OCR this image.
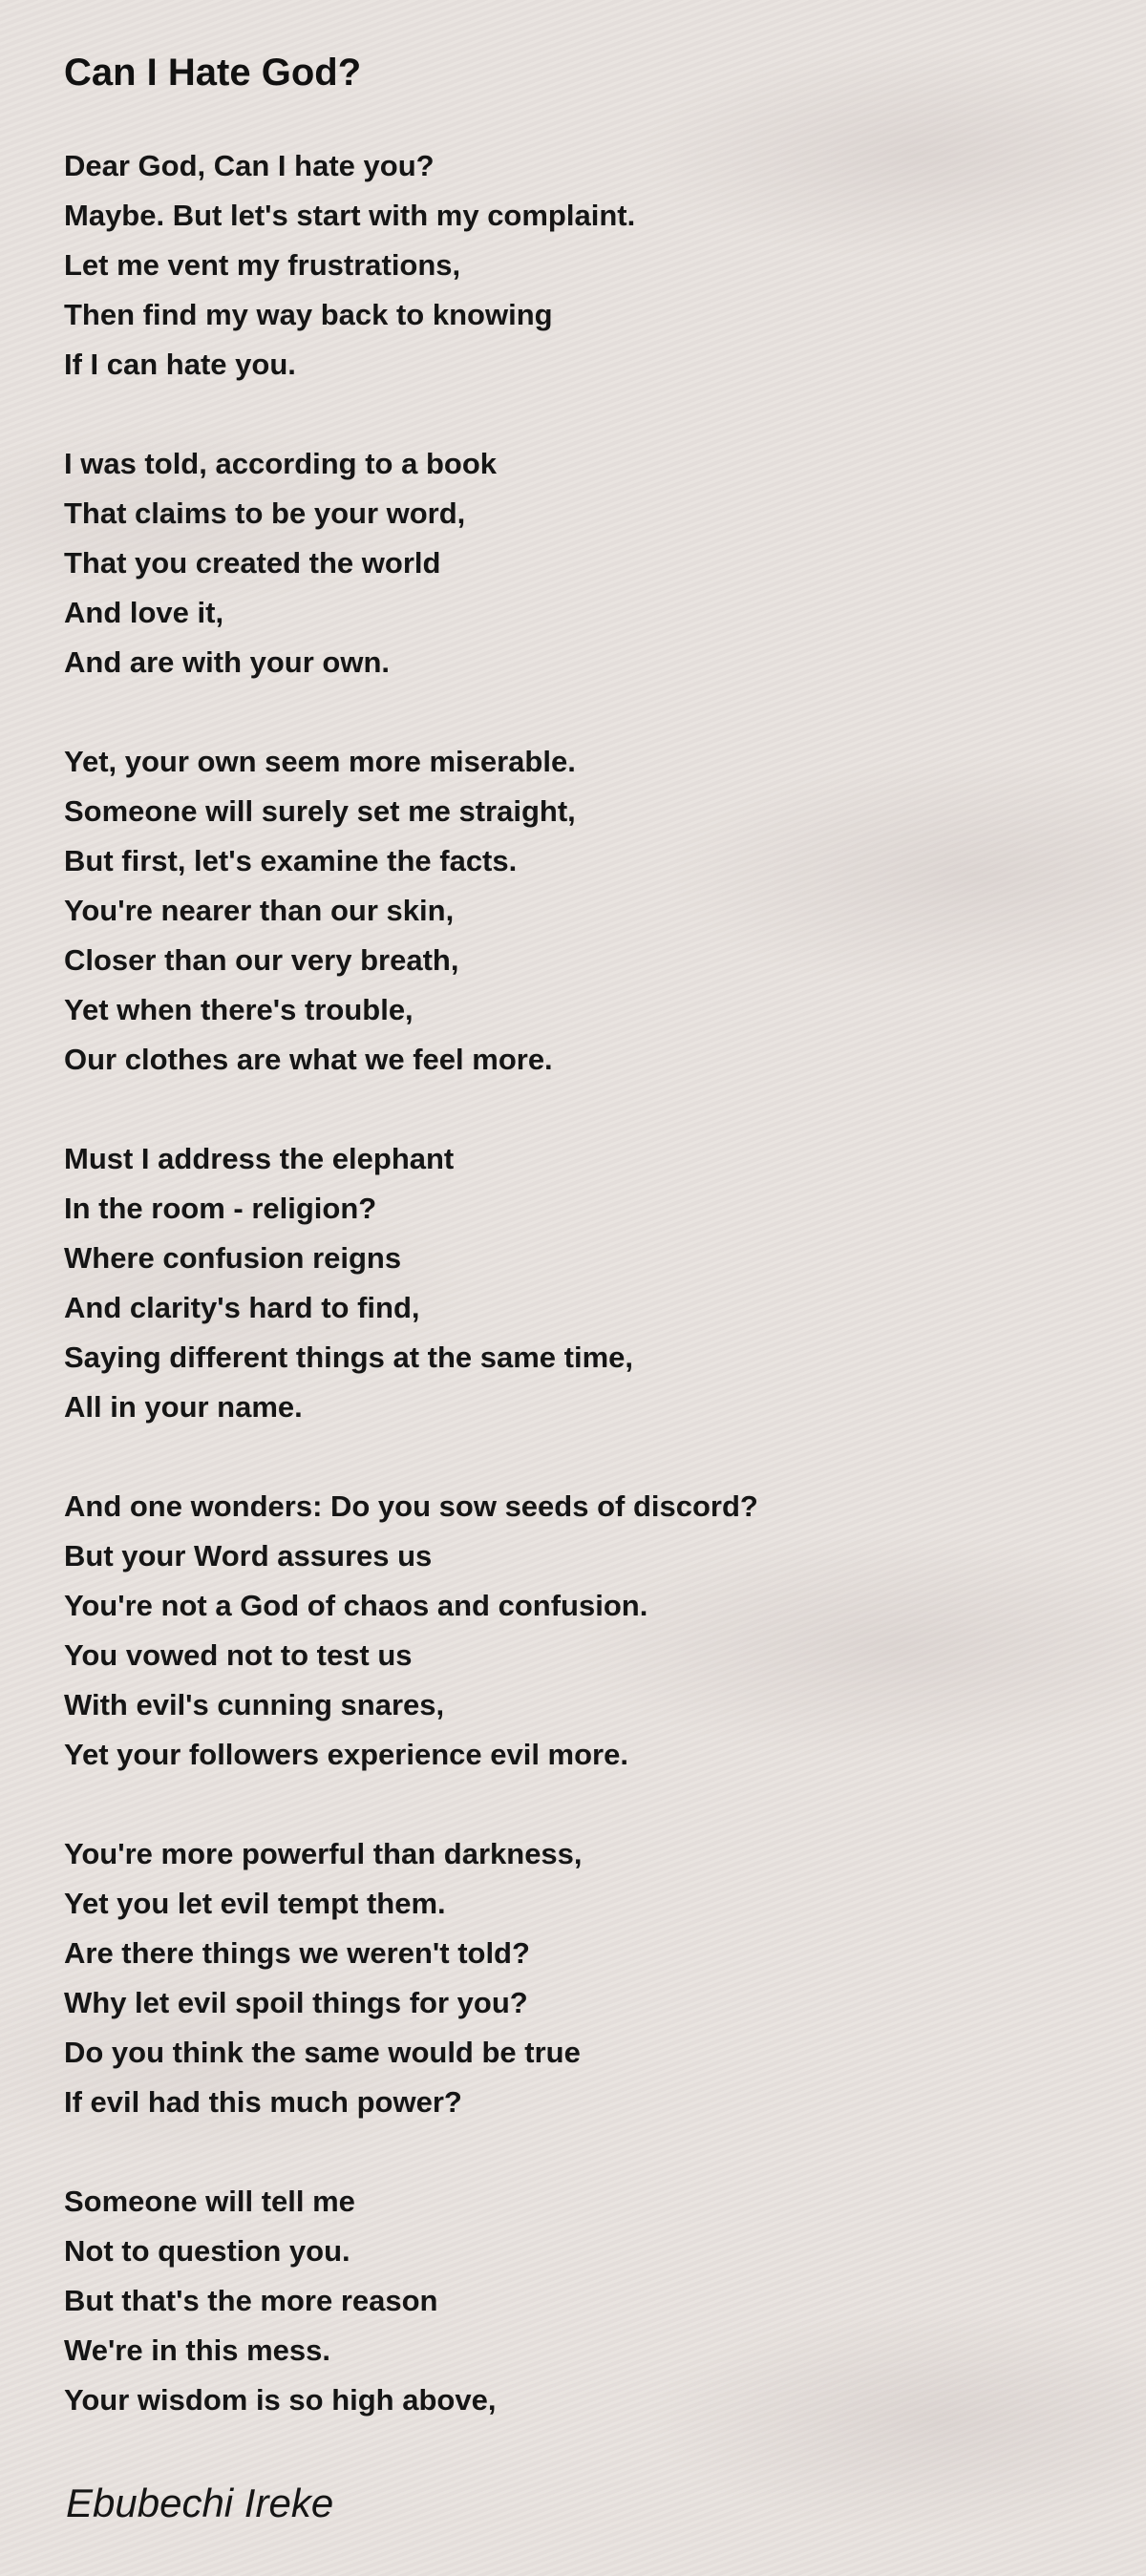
Can I Hate God?
Dear God, Can I hate you?
Maybe. But let's start with my complaint.
Let me vent my frustrations,
Then find my way back to knowing
If I can hate you.
I was told, according to a book
That claims to be your word,
That you created the world
And love it,
And are with your own.
Yet, your own seem more miserable.
Someone will surely set me straight,
But first, let's examine the facts.
You're nearer than our skin,
Closer than our very breath,
Yet when there's trouble,
Our clothes are what we feel more.
Must I address the elephant
In the room - religion?
Where confusion reigns
And clarity's hard to find,
Saying different things at the same time,
All in your name.
And one wonders: Do you sow seeds of discord?
But your Word assures us
You're not a God of chaos and confusion.
You vowed not to test us
With evil's cunning snares,
Yet your followers experience evil more.
You're more powerful than darkness,
Yet you let evil tempt them.
Are there things we weren't told?
Why let evil spoil things for you?
Do you think the same would be true
If evil had this much power?
Someone will tell me
Not to question you.
But that's the more reason
We're in this mess.
Your wisdom is so high above,
Ebubechi Ireke
